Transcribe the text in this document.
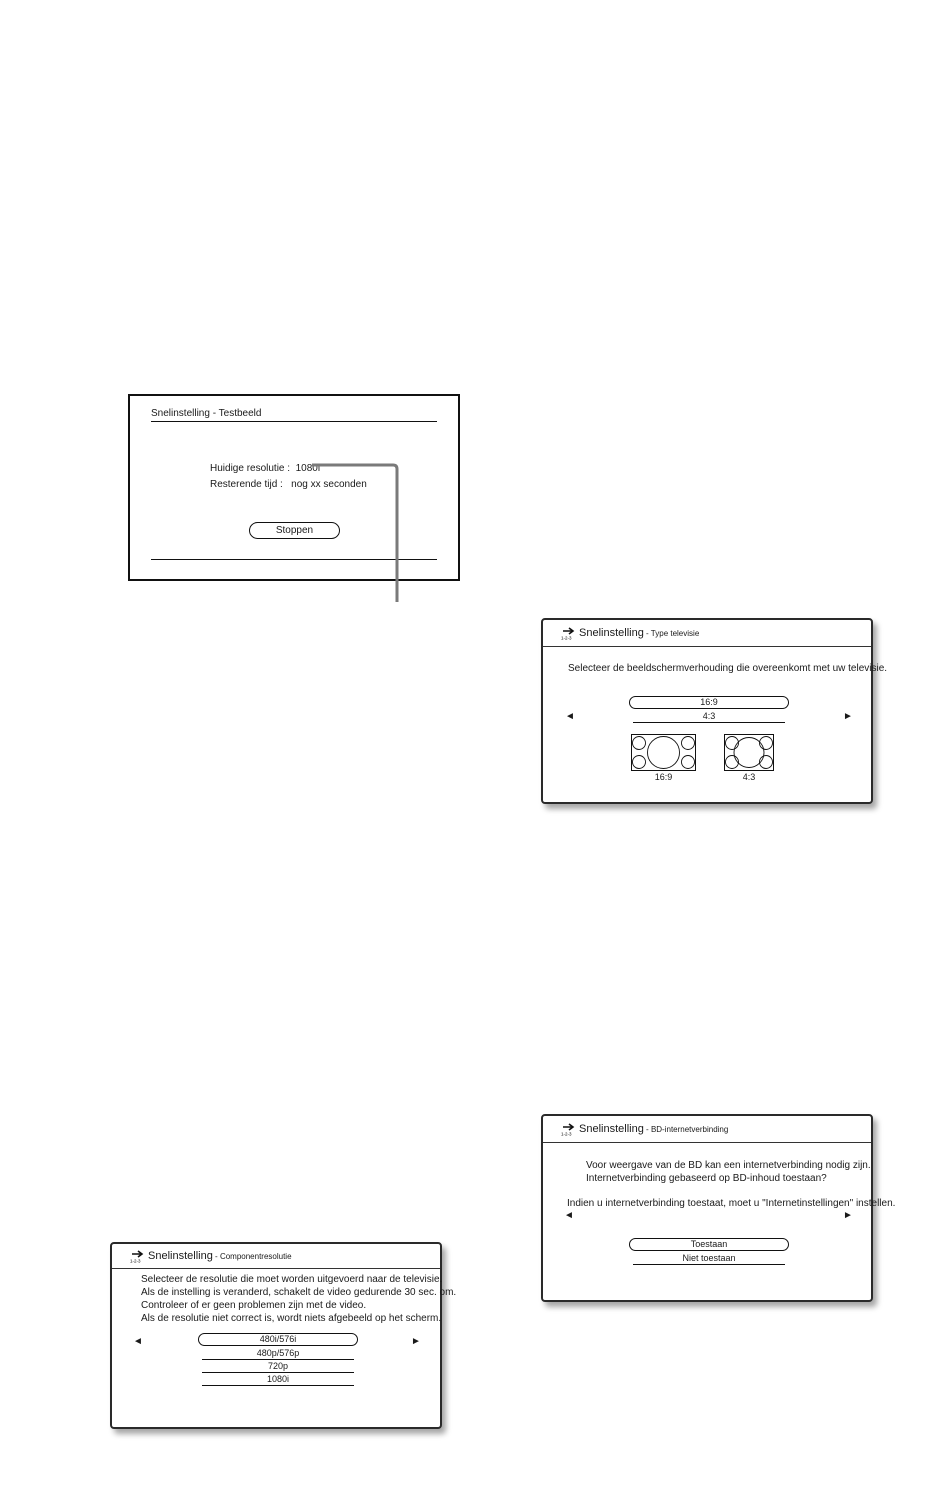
Snelinstelling - Testbeeld
Huidige resolutie :  1080i
Resterende tijd :   nog xx seconden
Stoppen
1-2-3 Snelinstelling - Type televisie
Selecteer de beeldschermverhouding die overeenkomt met uw televisie.
◄	►
16:9
4:3
16:9	4:3
1-2-3 Snelinstelling - BD-internetverbinding
Voor weergave van de BD kan een internetverbinding nodig zijn.
Internetverbinding gebaseerd op BD-inhoud toestaan?
Indien u internetverbinding toestaat, moet u "Internetinstellingen" instellen.
◄	►
Toestaan
Niet toestaan
1-2-3 Snelinstelling - Componentresolutie
Selecteer de resolutie die moet worden uitgevoerd naar de televisie.
Als de instelling is veranderd, schakelt de video gedurende 30 sec. om.
Controleer of er geen problemen zijn met de video.
Als de resolutie niet correct is, wordt niets afgebeeld op het scherm.
◄	►
480i/576i
480p/576p
720p
1080i
